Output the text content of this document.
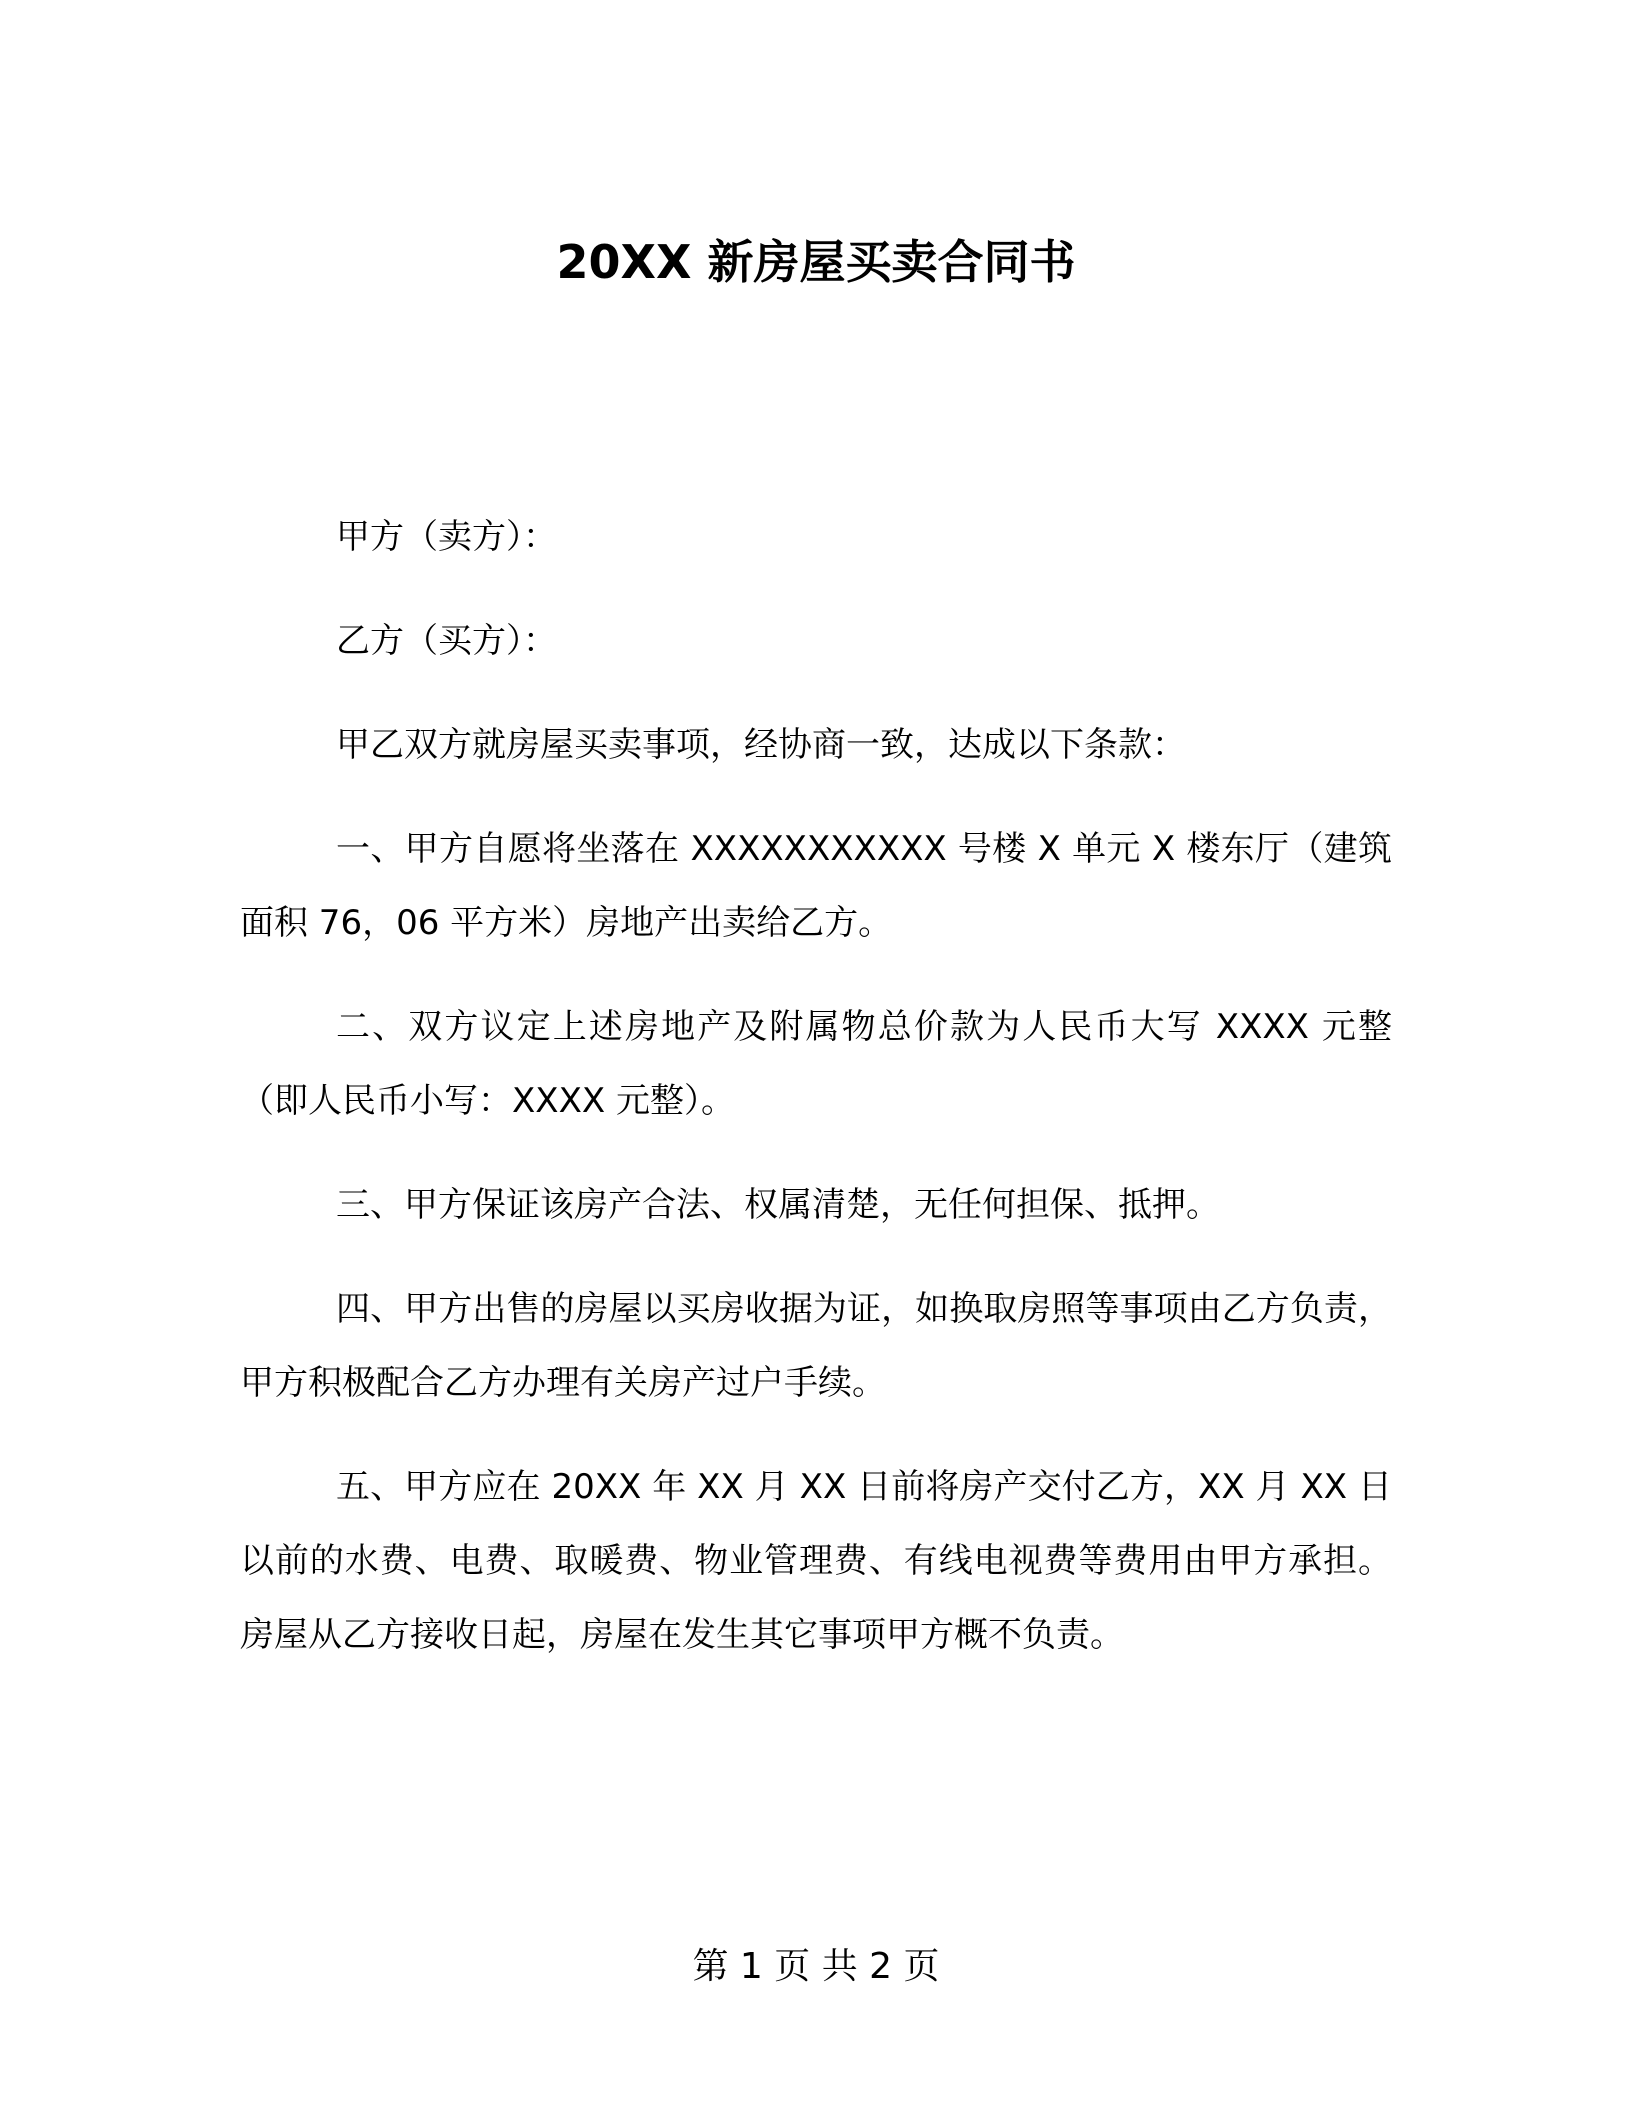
20XX 新房屋买卖合同书

甲方（卖方）：

乙方（买方）：

甲乙双方就房屋买卖事项，经协商一致，达成以下条款：

一、甲方自愿将坐落在 XXXXXXXXXXX 号楼 X 单元 X 楼东厅（建筑面积 76，06 平方米）房地产出卖给乙方。

二、双方议定上述房地产及附属物总价款为人民币大写 XXXX 元整（即人民币小写：XXXX 元整）。

三、甲方保证该房产合法、权属清楚，无任何担保、抵押。

四、甲方出售的房屋以买房收据为证，如换取房照等事项由乙方负责，甲方积极配合乙方办理有关房产过户手续。

五、甲方应在 20XX 年 XX 月 XX 日前将房产交付乙方，XX 月 XX 日以前的水费、电费、取暖费、物业管理费、有线电视费等费用由甲方承担。房屋从乙方接收日起，房屋在发生其它事项甲方概不负责。

第 1 页 共 2 页
